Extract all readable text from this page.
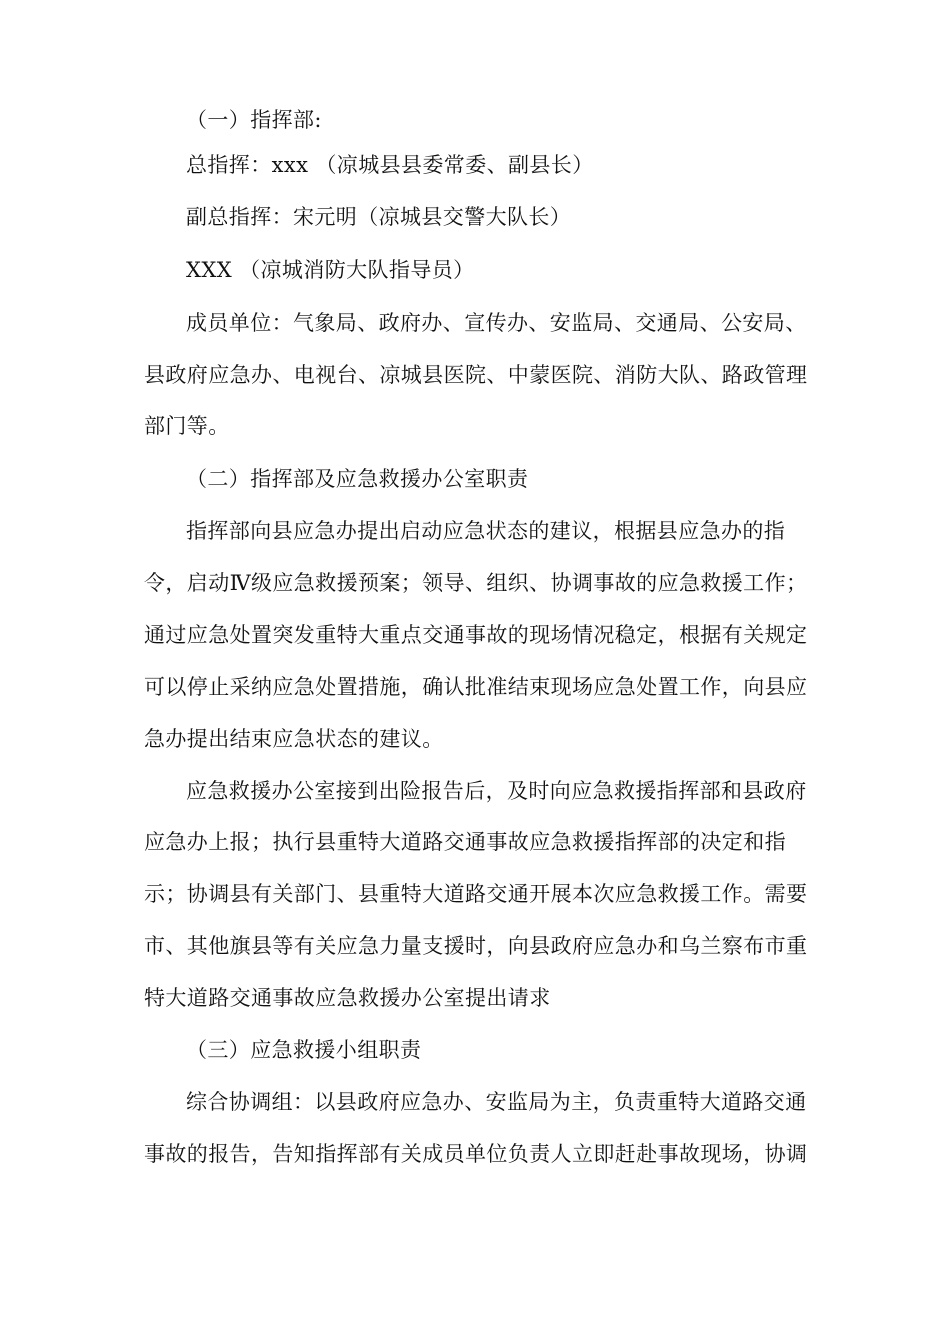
（一）指挥部:
总指挥：xxx （凉城县县委常委、副县长）
副总指挥：宋元明（凉城县交警大队长）
XXX （凉城消防大队指导员）
成员单位：气象局、政府办、宣传办、安监局、交通局、公安局、
县政府应急办、电视台、凉城县医院、中蒙医院、消防大队、路政管理
部门等。
（二）指挥部及应急救援办公室职责
指挥部向县应急办提出启动应急状态的建议，根据县应急办的指
令，启动Ⅳ级应急救援预案；领导、组织、协调事故的应急救援工作；
通过应急处置突发重特大重点交通事故的现场情况稳定，根据有关规定
可以停止采纳应急处置措施，确认批准结束现场应急处置工作，向县应
急办提出结束应急状态的建议。
应急救援办公室接到出险报告后，及时向应急救援指挥部和县政府
应急办上报；执行县重特大道路交通事故应急救援指挥部的决定和指
示；协调县有关部门、县重特大道路交通开展本次应急救援工作。需要
市、其他旗县等有关应急力量支援时，向县政府应急办和乌兰察布市重
特大道路交通事故应急救援办公室提出请求
（三）应急救援小组职责
综合协调组：以县政府应急办、安监局为主，负责重特大道路交通
事故的报告，告知指挥部有关成员单位负责人立即赶赴事故现场，协调
